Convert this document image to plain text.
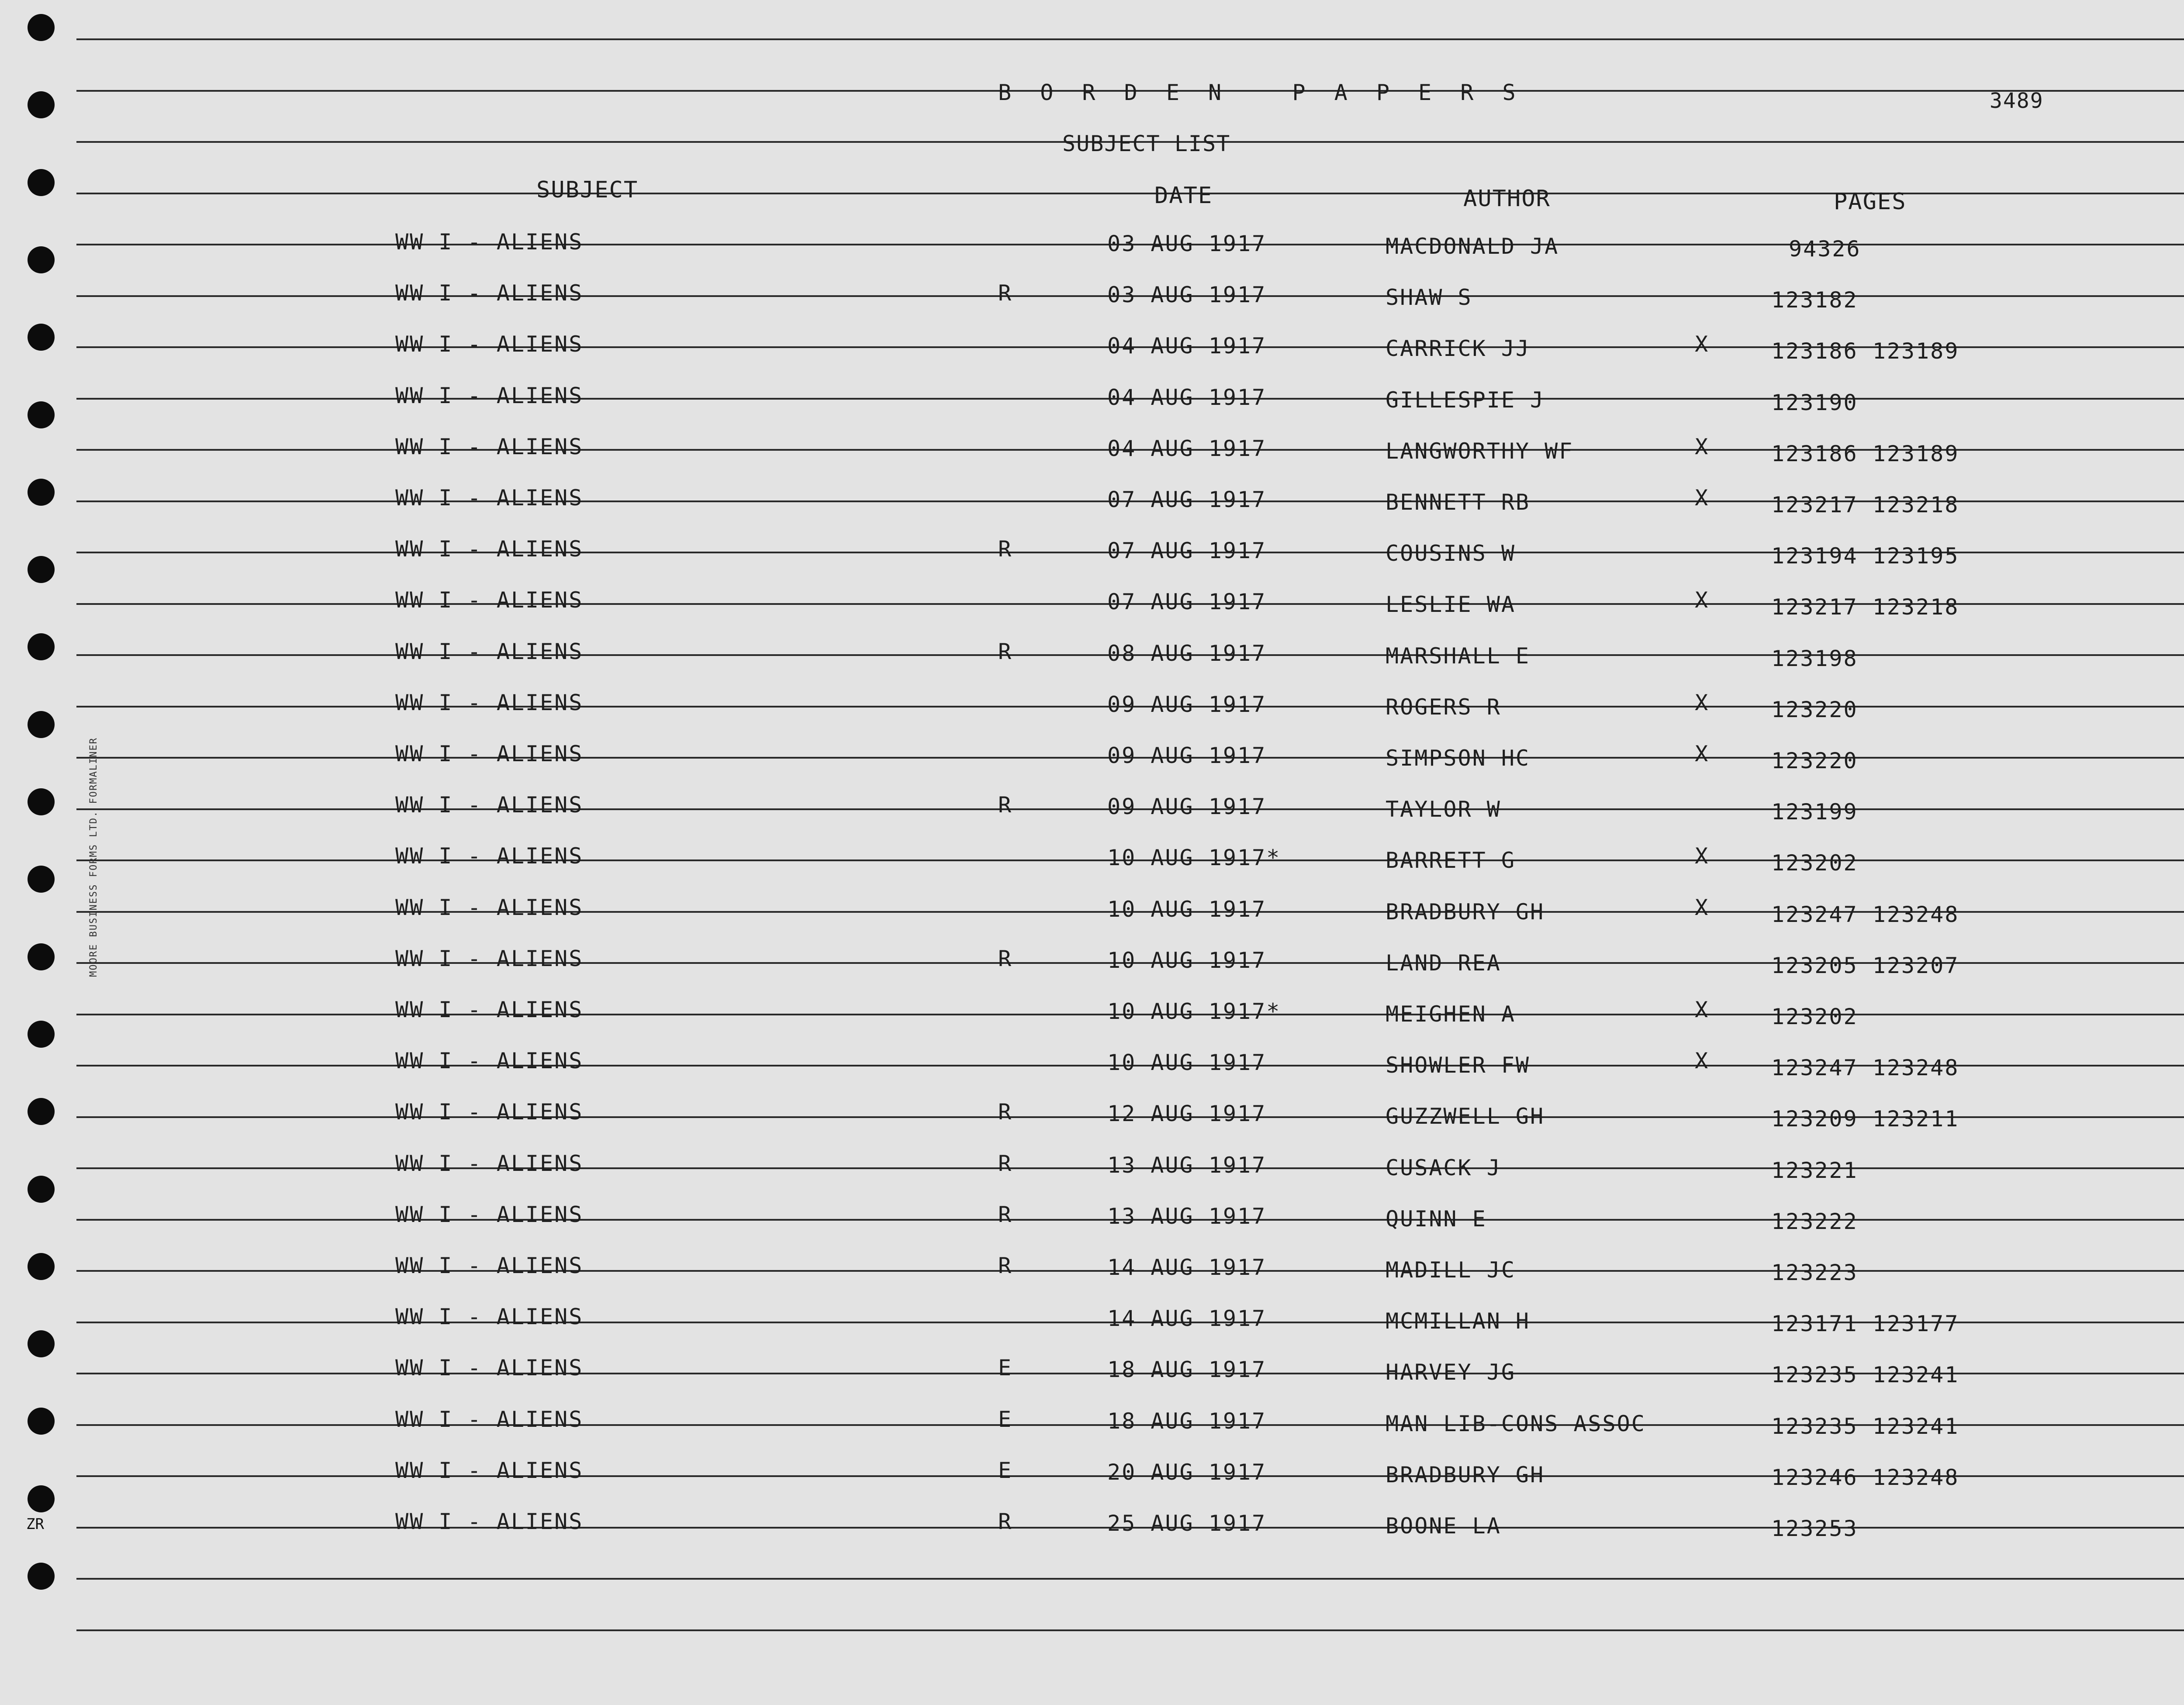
MOORE BUSINESS FORMS LTD. FORMALINER
ZR
B O R D E N   P A P E R S	3489
SUBJECT LIST
SUBJECT	DATE	AUTHOR	PAGES
WW I - ALIENS	03 AUG 1917	MACDONALD JA	94326
WW I - ALIENS	R	03 AUG 1917	SHAW S	123182
WW I - ALIENS	04 AUG 1917	CARRICK JJ	X	123186 123189
WW I - ALIENS	04 AUG 1917	GILLESPIE J	123190
WW I - ALIENS	04 AUG 1917	LANGWORTHY WF	X	123186 123189
WW I - ALIENS	07 AUG 1917	BENNETT RB	X	123217 123218
WW I - ALIENS	R	07 AUG 1917	COUSINS W	123194 123195
WW I - ALIENS	07 AUG 1917	LESLIE WA	X	123217 123218
WW I - ALIENS	R	08 AUG 1917	MARSHALL E	123198
WW I - ALIENS	09 AUG 1917	ROGERS R	X	123220
WW I - ALIENS	09 AUG 1917	SIMPSON HC	X	123220
WW I - ALIENS	R	09 AUG 1917	TAYLOR W	123199
WW I - ALIENS	10 AUG 1917*	BARRETT G	X	123202
WW I - ALIENS	10 AUG 1917	BRADBURY GH	X	123247 123248
WW I - ALIENS	R	10 AUG 1917	LAND REA	123205 123207
WW I - ALIENS	10 AUG 1917*	MEIGHEN A	X	123202
WW I - ALIENS	10 AUG 1917	SHOWLER FW	X	123247 123248
WW I - ALIENS	R	12 AUG 1917	GUZZWELL GH	123209 123211
WW I - ALIENS	R	13 AUG 1917	CUSACK J	123221
WW I - ALIENS	R	13 AUG 1917	QUINN E	123222
WW I - ALIENS	R	14 AUG 1917	MADILL JC	123223
WW I - ALIENS	14 AUG 1917	MCMILLAN H	123171 123177
WW I - ALIENS	E	18 AUG 1917	HARVEY JG	123235 123241
WW I - ALIENS	E	18 AUG 1917	MAN LIB-CONS ASSOC	123235 123241
WW I - ALIENS	E	20 AUG 1917	BRADBURY GH	123246 123248
WW I - ALIENS	R	25 AUG 1917	BOONE LA	123253
